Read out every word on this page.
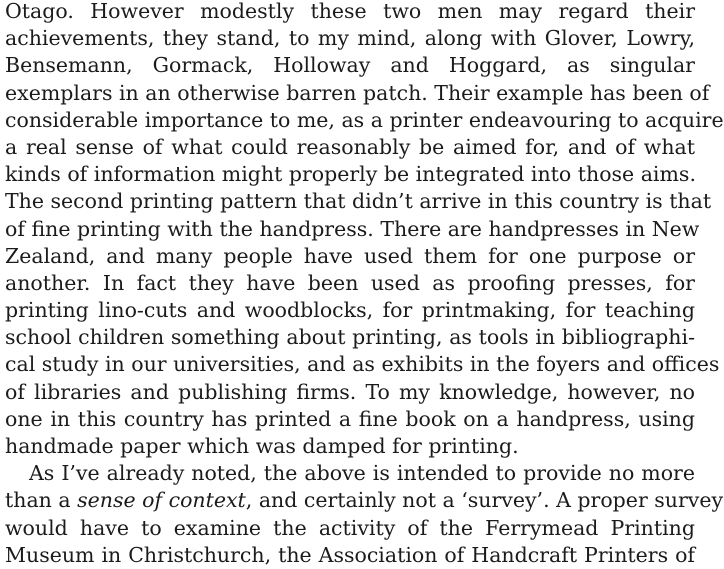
Otago. However modestly these two men may regard their
achievements, they stand, to my mind, along with Glover, Lowry,
Bensemann, Gormack, Holloway and Hoggard, as singular
exemplars in an otherwise barren patch. Their example has been of
considerable importance to me, as a printer endeavouring to acquire
a real sense of what could reasonably be aimed for, and of what
kinds of information might properly be integrated into those aims.
The second printing pattern that didn’t arrive in this country is that
of fine printing with the handpress. There are handpresses in New
Zealand, and many people have used them for one purpose or
another. In fact they have been used as proofing presses, for
printing lino-cuts and woodblocks, for printmaking, for teaching
school children something about printing, as tools in bibliographi-
cal study in our universities, and as exhibits in the foyers and offices
of libraries and publishing firms. To my knowledge, however, no
one in this country has printed a fine book on a handpress, using
handmade paper which was damped for printing.
As I’ve already noted, the above is intended to provide no more
than a sense of context, and certainly not a ‘survey’. A proper survey
would have to examine the activity of the Ferrymead Printing
Museum in Christchurch, the Association of Handcraft Printers of
